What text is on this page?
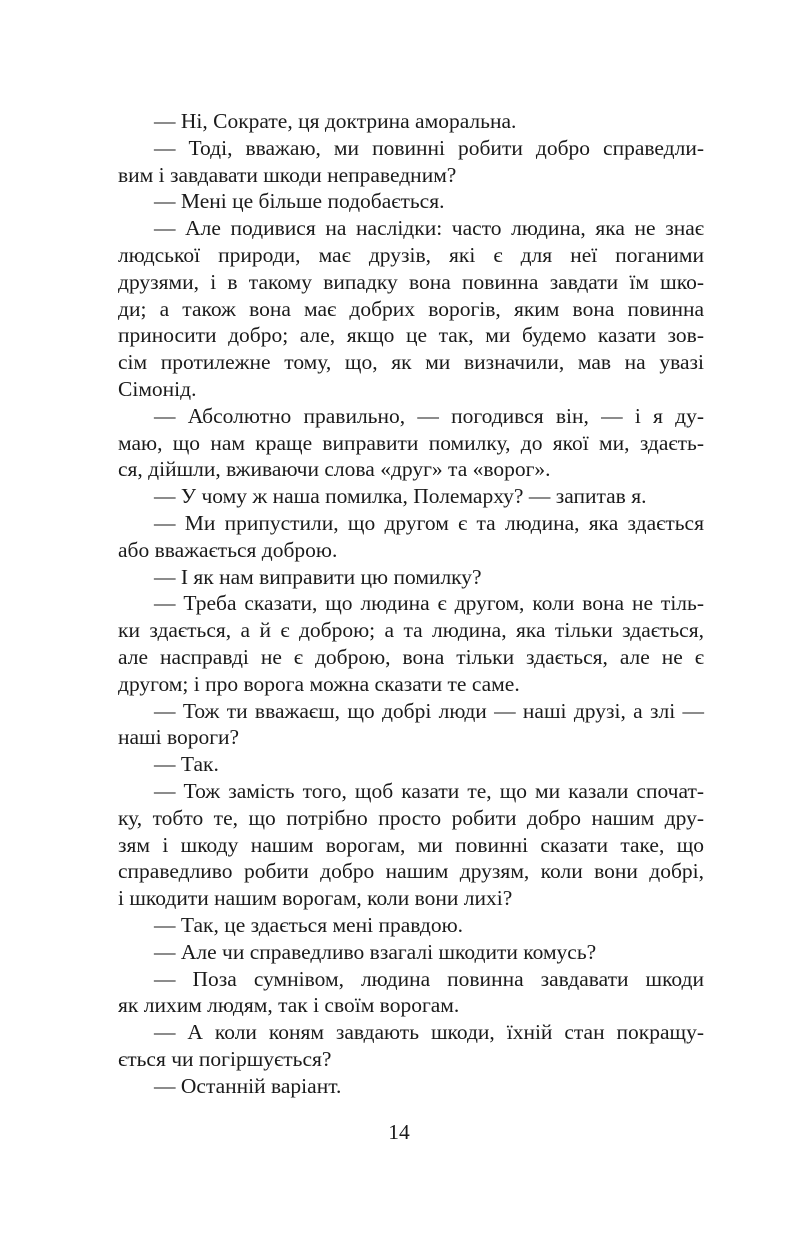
— Ні, Сократе, ця доктрина аморальна.
— Тоді, вважаю, ми повинні робити добро справедли-
вим і завдавати шкоди неправедним?
— Мені це більше подобається.
— Але подивися на наслідки: часто людина, яка не знає
людської природи, має друзів, які є для неї поганими
друзями, і в такому випадку вона повинна завдати їм шко-
ди; а також вона має добрих ворогів, яким вона повинна
приносити добро; але, якщо це так, ми будемо казати зов-
сім протилежне тому, що, як ми визначили, мав на увазі
Сімонід.
— Абсолютно правильно, — погодився він, — і я ду-
маю, що нам краще виправити помилку, до якої ми, здаєть-
ся, дійшли, вживаючи слова «друг» та «ворог».
— У чому ж наша помилка, Полемарху? — запитав я.
— Ми припустили, що другом є та людина, яка здається
або вважається доброю.
— І як нам виправити цю помилку?
— Треба сказати, що людина є другом, коли вона не тіль-
ки здається, а й є доброю; а та людина, яка тільки здається,
але насправді не є доброю, вона тільки здається, але не є
другом; і про ворога можна сказати те саме.
— Тож ти вважаєш, що добрі люди — наші друзі, а злі —
наші вороги?
— Так.
— Тож замість того, щоб казати те, що ми казали спочат-
ку, тобто те, що потрібно просто робити добро нашим дру-
зям і шкоду нашим ворогам, ми повинні сказати таке, що
справедливо робити добро нашим друзям, коли вони добрі,
і шкодити нашим ворогам, коли вони лихі?
— Так, це здається мені правдою.
— Але чи справедливо взагалі шкодити комусь?
— Поза сумнівом, людина повинна завдавати шкоди
як лихим людям, так і своїм ворогам.
— А коли коням завдають шкоди, їхній стан покращу-
ється чи погіршується?
— Останній варіант.
14
